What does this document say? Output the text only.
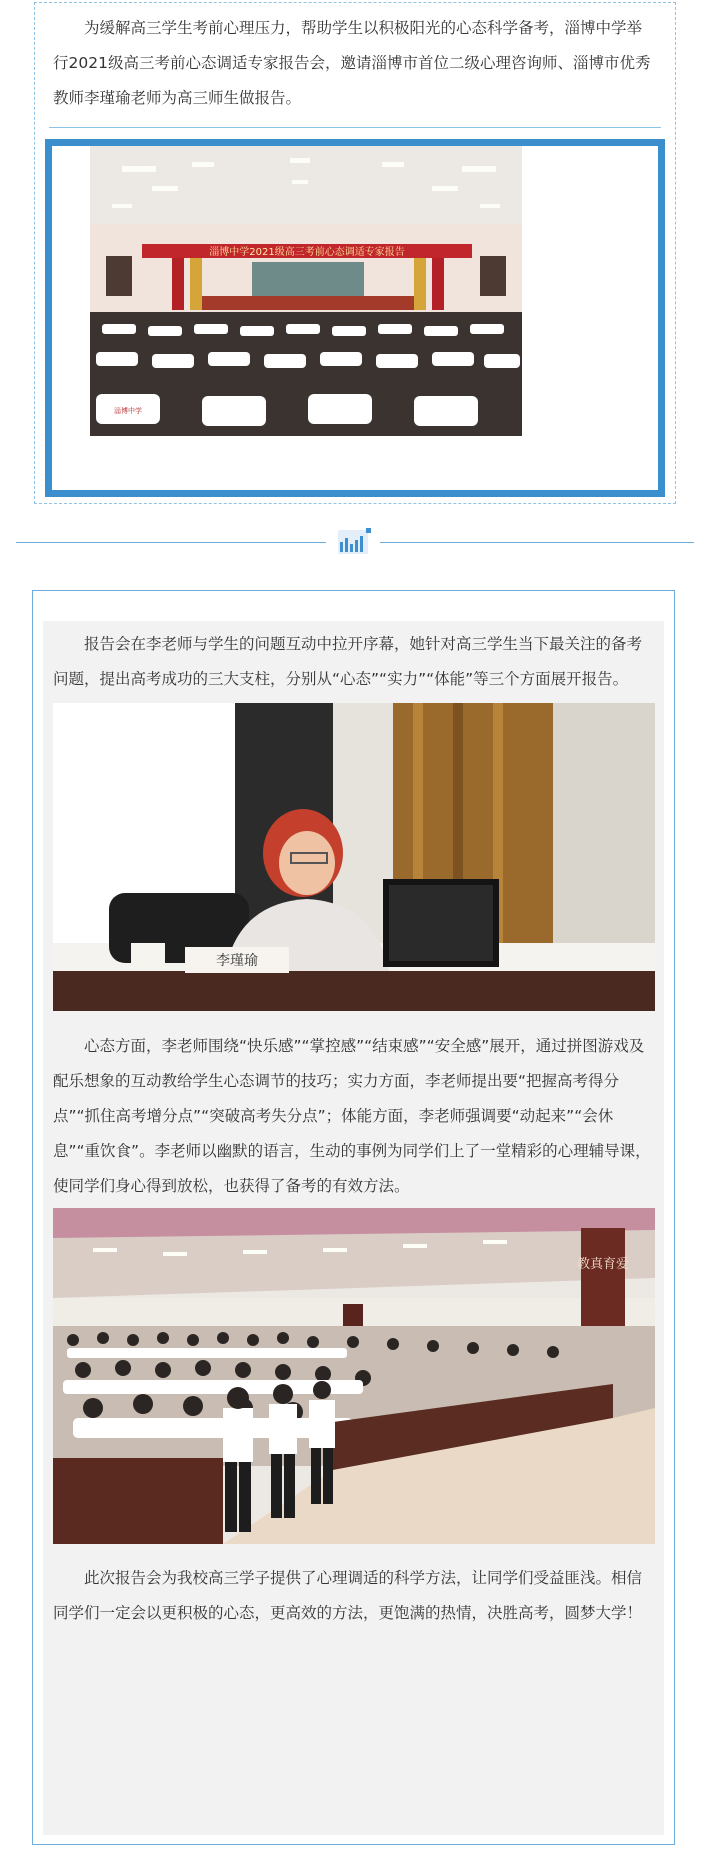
为缓解高三学生考前心理压力，帮助学生以积极阳光的心态科学备考，淄博中学举行2021级高三考前心态调适专家报告会，邀请淄博市首位二级心理咨询师、淄博市优秀教师李瑾瑜老师为高三师生做报告。

淄博中学2021级高三考前心态调适专家报告
淄博中学

报告会在李老师与学生的问题互动中拉开序幕，她针对高三学生当下最关注的备考问题，提出高考成功的三大支柱，分别从“心态”“实力”“体能”等三个方面展开报告。

李瑾瑜

心态方面，李老师围绕“快乐感”“掌控感”“结束感”“安全感”展开，通过拼图游戏及配乐想象的互动教给学生心态调节的技巧；实力方面，李老师提出要“把握高考得分点”“抓住高考增分点”“突破高考失分点”；体能方面，李老师强调要“动起来”“会休息”“重饮食”。李老师以幽默的语言，生动的事例为同学们上了一堂精彩的心理辅导课，使同学们身心得到放松，也获得了备考的有效方法。

教真育爱

此次报告会为我校高三学子提供了心理调适的科学方法，让同学们受益匪浅。相信同学们一定会以更积极的心态，更高效的方法，更饱满的热情，决胜高考，圆梦大学！
